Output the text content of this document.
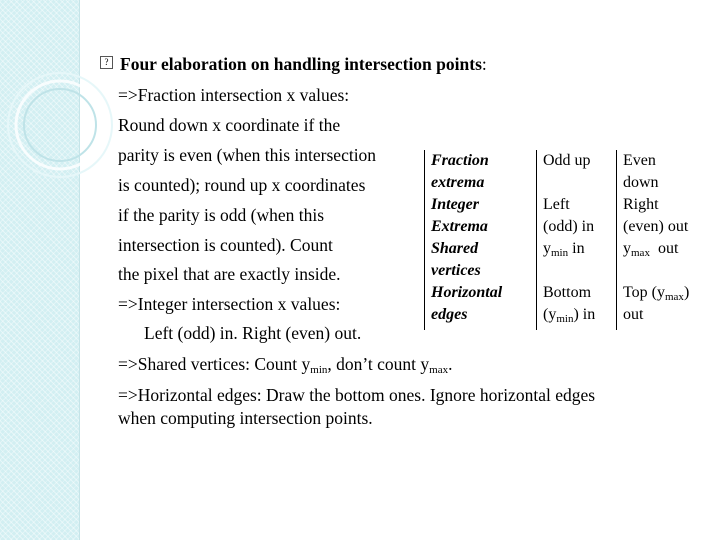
? Four elaboration on handling intersection points:
=>Fraction intersection x values:
Round down x coordinate if the
parity is even (when this intersection
is counted); round up x coordinates
if the parity is odd (when this
intersection is counted). Count
the pixel that are exactly inside.
=>Integer intersection x values:
Left (odd) in. Right (even) out.
=>Shared vertices: Count $y_{min}$, don’t count $y_{max}$.
=>Horizontal edges: Draw the bottom ones. Ignore horizontal edges
when computing intersection points.
Fraction
extrema
Integer
Extrema
Shared
vertices
Horizontal
edges
Odd up
Left
(odd) in
$y_{min}$ in
Bottom
$(y_{min})$ in
Even
down
Right
(even) out
$y_{max}$  out
Top $(y_{max})$
out
